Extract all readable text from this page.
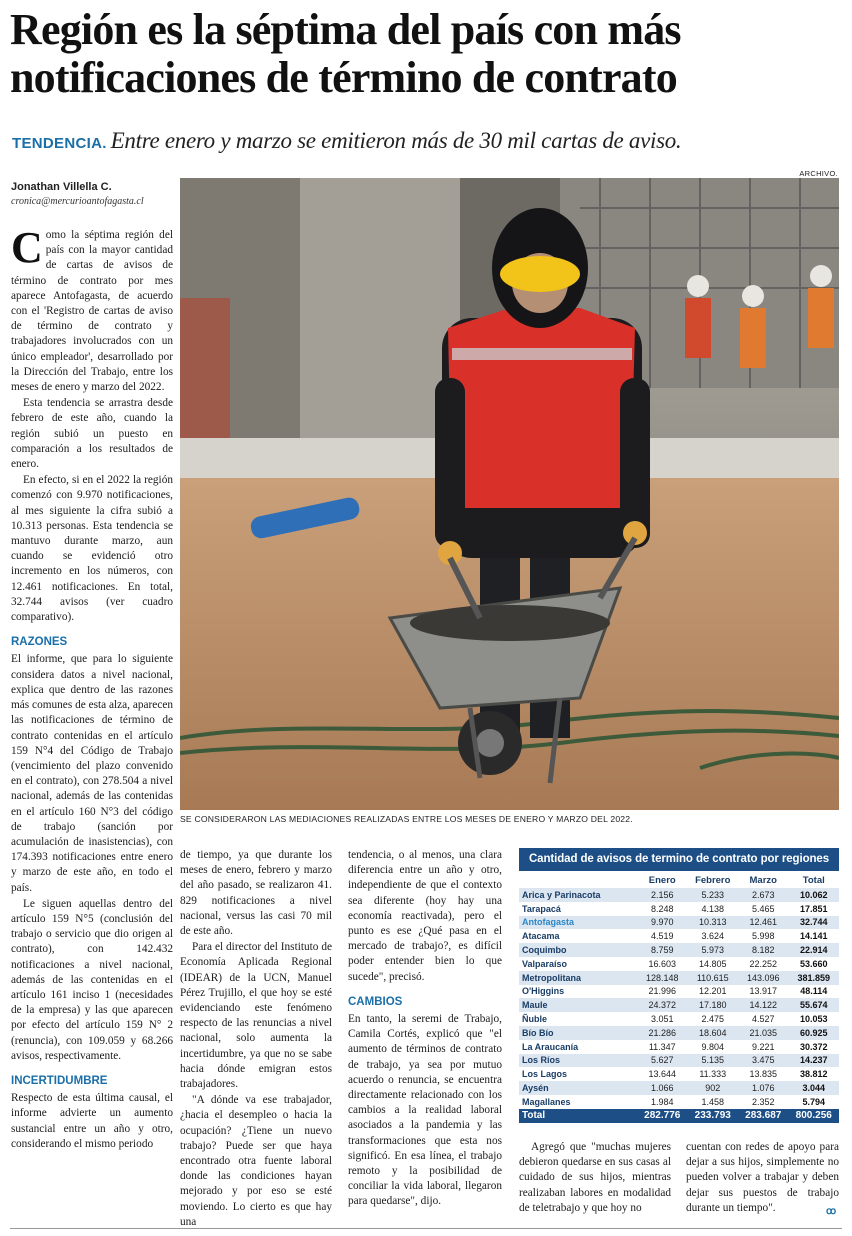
Región es la séptima del país con más notificaciones de término de contrato
TENDENCIA. Entre enero y marzo se emitieron más de 30 mil cartas de aviso.
Jonathan Villella C.
cronica@mercurioantofagasta.cl

Como la séptima región del país con la mayor cantidad de cartas de avisos de término de contrato por mes aparece Antofagasta, de acuerdo con el 'Registro de cartas de aviso de término de contrato y trabajadores involucrados con un único empleador', desarrollado por la Dirección del Trabajo, entre los meses de enero y marzo del 2022.

Esta tendencia se arrastra desde febrero de este año, cuando la región subió un puesto en comparación a los resultados de enero.

En efecto, si en el 2022 la región comenzó con 9.970 notificaciones, al mes siguiente la cifra subió a 10.313 personas. Esta tendencia se mantuvo durante marzo, aun cuando se evidenció otro incremento en los números, con 12.461 notificaciones. En total, 32.744 avisos (ver cuadro comparativo).

RAZONES

El informe, que para lo siguiente considera datos a nivel nacional, explica que dentro de las razones más comunes de esta alza, aparecen las notificaciones de término de contrato contenidas en el artículo 159 N°4 del Código de Trabajo (vencimiento del plazo convenido en el contrato), con 278.504 a nivel nacional, además de las contenidas en el artículo 160 N°3 del código de trabajo (sanción por acumulación de inasistencias), con 174.393 notificaciones entre enero y marzo de este año, en todo el país.

Le siguen aquellas dentro del artículo 159 N°5 (conclusión del trabajo o servicio que dio origen al contrato), con 142.432 notificaciones a nivel nacional, además de las contenidas en el artículo 161 inciso 1 (necesidades de la empresa) y las que aparecen por efecto del artículo 159 N° 2 (renuncia), con 109.059 y 68.266 avisos, respectivamente.

INCERTIDUMBRE

Respecto de esta última causal, el informe advierte un aumento sustancial entre un año y otro, considerando el mismo periodo

ARCHIVO.
SE CONSIDERARON LAS MEDIACIONES REALIZADAS ENTRE LOS MESES DE ENERO Y MARZO DEL 2022.

de tiempo, ya que durante los meses de enero, febrero y marzo del año pasado, se realizaron 41. 829 notificaciones a nivel nacional, versus las casi 70 mil de este año.

Para el director del Instituto de Economía Aplicada Regional (IDEAR) de la UCN, Manuel Pérez Trujillo, el que hoy se esté evidenciando este fenómeno respecto de las renuncias a nivel nacional, solo aumenta la incertidumbre, ya que no se sabe hacia dónde emigran estos trabajadores.

"A dónde va ese trabajador, ¿hacia el desempleo o hacia la ocupación? ¿Tiene un nuevo trabajo? Puede ser que haya encontrado otra fuente laboral donde las condiciones hayan mejorado y por eso se esté moviendo. Lo cierto es que hay una

tendencia, o al menos, una clara diferencia entre un año y otro, independiente de que el contexto sea diferente (hoy hay una economía reactivada), pero el punto es ese ¿Qué pasa en el mercado de trabajo?, es difícil poder entender bien lo que sucede", precisó.

CAMBIOS

En tanto, la seremi de Trabajo, Camila Cortés, explicó que "el aumento de términos de contrato de trabajo, ya sea por mutuo acuerdo o renuncia, se encuentra directamente relacionado con los cambios a la realidad laboral asociados a la pandemia y las transformaciones que esta nos significó. En esa línea, el trabajo remoto y la posibilidad de conciliar la vida laboral, llegaron para quedarse", dijo.

Cantidad de avisos de termino de contrato por regiones
	Enero	Febrero	Marzo	Total
Arica y Parinacota	2.156	5.233	2.673	10.062
Tarapacá	8.248	4.138	5.465	17.851
Antofagasta	9.970	10.313	12.461	32.744
Atacama	4.519	3.624	5.998	14.141
Coquimbo	8.759	5.973	8.182	22.914
Valparaíso	16.603	14.805	22.252	53.660
Metropolitana	128.148	110.615	143.096	381.859
O'Higgins	21.996	12.201	13.917	48.114
Maule	24.372	17.180	14.122	55.674
Ñuble	3.051	2.475	4.527	10.053
Bío Bío	21.286	18.604	21.035	60.925
La Araucanía	11.347	9.804	9.221	30.372
Los Ríos	5.627	5.135	3.475	14.237
Los Lagos	13.644	11.333	13.835	38.812
Aysén	1.066	902	1.076	3.044
Magallanes	1.984	1.458	2.352	5.794
Total	282.776	233.793	283.687	800.256

Agregó que "muchas mujeres debieron quedarse en sus casas al cuidado de sus hijos, mientras realizaban labores en modalidad de teletrabajo y que hoy no

cuentan con redes de apoyo para dejar a sus hijos, simplemente no pueden volver a trabajar y deben dejar sus puestos de trabajo durante un tiempo".	ꝏ
